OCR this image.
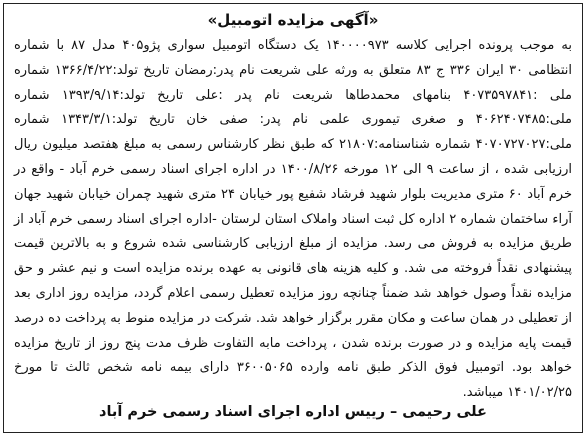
«آگهی مزایده اتومبیل»

به موجب پرونده اجرایی کلاسه ۱۴۰۰۰۰۹۷۳ یک دستگاه اتومبیل سواری پژو۴۰۵ مدل ۸۷ با شماره انتظامی ۳۰ ایران ۳۳۶ ج ۸۳ متعلق به ورثه علی شریعت نام پدر:رمضان تاریخ تولد:۱۳۶۶/۴/۲۲ شماره ملی :۴۰۷۳۵۹۷۸۴۱ بنامهای محمدطاها شریعت نام پدر :علی تاریخ تولد:۱۳۹۳/۹/۱۴ شماره ملی:۴۰۶۲۴۰۷۴۸۵ و صغری تیموری علمی نام پدر: صفی خان تاریخ تولد:۱۳۴۳/۳/۱ شماره ملی:۴۰۷۰۷۲۷۰۲۷ شماره شناسنامه:۲۱۸۰۷ که طبق نظر کارشناس رسمی به مبلغ هفتصد میلیون ریال ارزیابی شده ، از ساعت ۹ الی ۱۲ مورخه ۱۴۰۰/۸/۲۶ در اداره اجرای اسناد رسمی خرم آباد - واقع در خرم آباد ۶۰ متری مدیریت بلوار شهید فرشاد شفیع پور خیابان ۲۴ متری شهید چمران خیابان شهید جهان آراء ساختمان شماره ۲ اداره کل ثبت اسناد واملاک استان لرستان -اداره اجرای اسناد رسمی خرم آباد از طریق مزایده به فروش می رسد. مزایده از مبلغ ارزیابی کارشناسی شده شروع و به بالاترین قیمت پیشنهادی نقداً فروخته می شد. و کلیه هزینه های قانونی به عهده برنده مزایده است و نیم عشر و حق مزایده نقداً وصول خواهد شد ضمناً چنانچه روز مزایده تعطیل رسمی اعلام گردد، مزایده روز اداری بعد از تعطیلی در همان ساعت و مکان مقرر برگزار خواهد شد. شرکت در مزایده منوط به پرداخت ده درصد قیمت پایه مزایده و در صورت برنده شدن ، پرداخت مابه التفاوت ظرف مدت پنج روز از تاریخ مزایده خواهد بود. اتومبیل فوق الذکر طبق نامه وارده ۳۶۰۰۵۰۶۵ دارای بیمه نامه شخص ثالث تا مورخ ۱۴۰۱/۰۲/۲۵ میباشد.

علی رحیمی – رییس اداره اجرای اسناد رسمی خرم آباد
